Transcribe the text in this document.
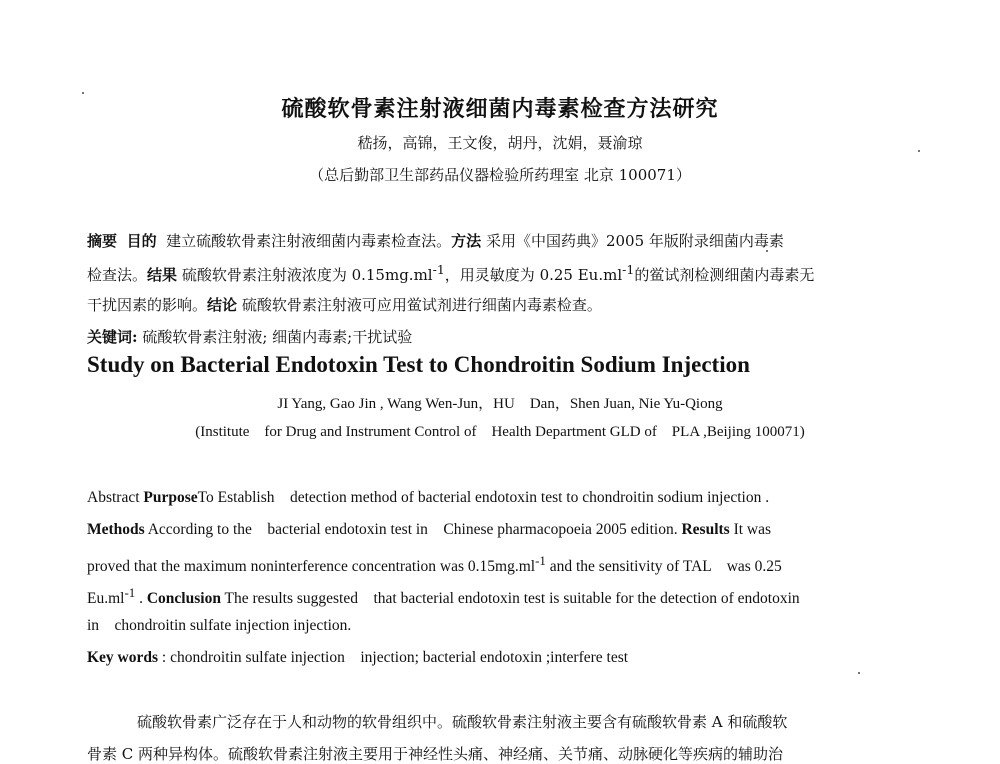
硫酸软骨素注射液细菌内毒素检查方法研究
嵇扬，高锦，王文俊，胡丹，沈娟，聂渝琼
（总后勤部卫生部药品仪器检验所药理室 北京 100071）
摘要 目的 建立硫酸软骨素注射液细菌内毒素检查法。方法 采用《中国药典》2005 年版附录细菌内毒素
检查法。结果 硫酸软骨素注射液浓度为 $0.15mg.ml^{-1}$，用灵敏度为 0.25 $Eu.ml^{-1}$的鲎试剂检测细菌内毒素无
干扰因素的影响。结论 硫酸软骨素注射液可应用鲎试剂进行细菌内毒素检查。
关键词: 硫酸软骨素注射液; 细菌内毒素;干扰试验
Study on Bacterial Endotoxin Test to Chondroitin Sodium Injection
JI Yang, Gao Jin , Wang Wen-Jun，HU    Dan，Shen Juan, Nie Yu-Qiong
(Institute    for Drug and Instrument Control of    Health Department GLD of    PLA ,Beijing 100071)
Abstract PurposeTo Establish    detection method of bacterial endotoxin test to chondroitin sodium injection .
Methods According to the    bacterial endotoxin test in    Chinese pharmacopoeia 2005 edition. Results It was
proved that the maximum noninterference concentration was $0.15mg.ml^{-1}$ and the sensitivity of TAL    was 0.25
$Eu.ml^{-1}$ . Conclusion The results suggested    that bacterial endotoxin test is suitable for the detection of endotoxin
in    chondroitin sulfate injection injection.
Key words : chondroitin sulfate injection    injection; bacterial endotoxin ;interfere test
硫酸软骨素广泛存在于人和动物的软骨组织中。硫酸软骨素注射液主要含有硫酸软骨素 A 和硫酸软
骨素 C 两种异构体。硫酸软骨素注射液主要用于神经性头痛、神经痛、关节痛、动脉硬化等疾病的辅助治
